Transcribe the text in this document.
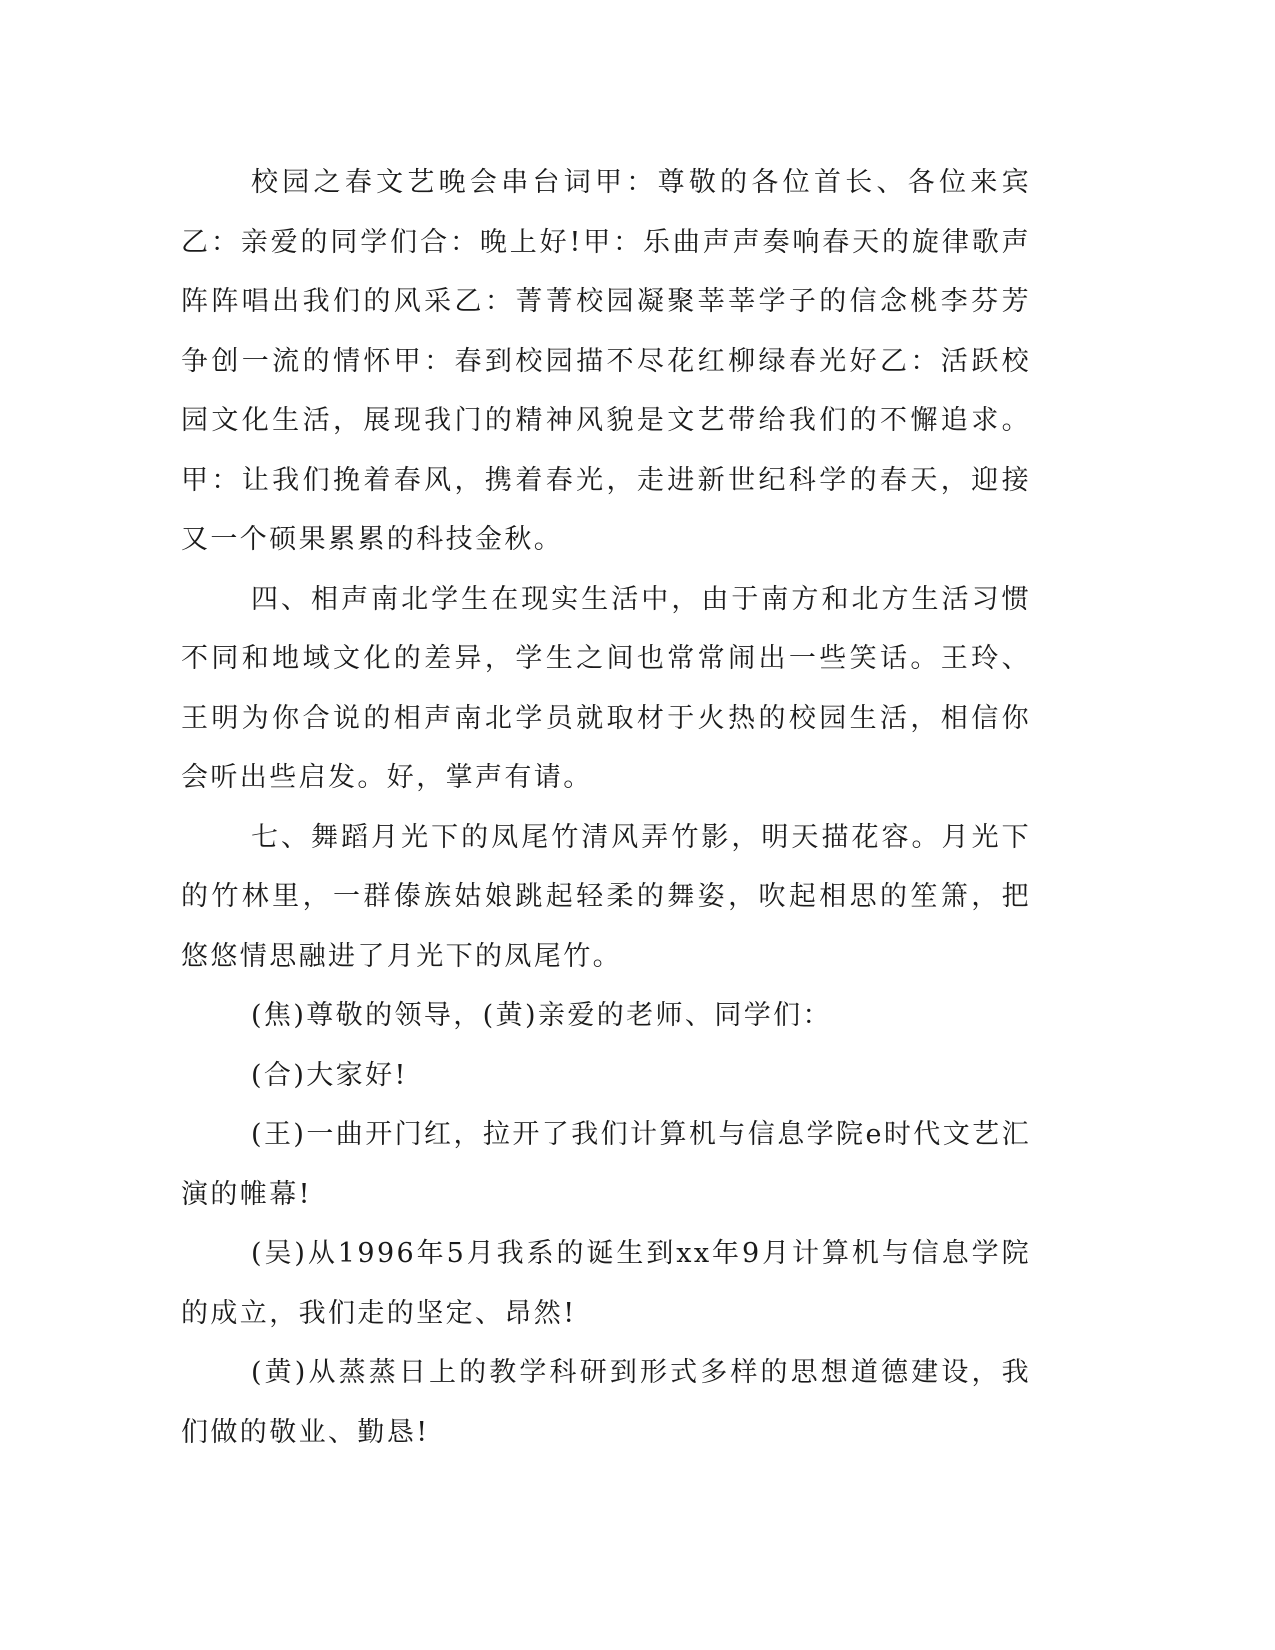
校园之春文艺晚会串台词甲：尊敬的各位首长、各位来宾乙：亲爱的同学们合：晚上好!甲：乐曲声声奏响春天的旋律歌声阵阵唱出我们的风采乙：菁菁校园凝聚莘莘学子的信念桃李芬芳争创一流的情怀甲：春到校园描不尽花红柳绿春光好乙：活跃校园文化生活，展现我门的精神风貌是文艺带给我们的不懈追求。甲：让我们挽着春风，携着春光，走进新世纪科学的春天，迎接又一个硕果累累的科技金秋。

四、相声南北学生在现实生活中，由于南方和北方生活习惯不同和地域文化的差异，学生之间也常常闹出一些笑话。王玲、王明为你合说的相声南北学员就取材于火热的校园生活，相信你会听出些启发。好，掌声有请。

七、舞蹈月光下的凤尾竹清风弄竹影，明天描花容。月光下的竹林里，一群傣族姑娘跳起轻柔的舞姿，吹起相思的笙箫，把悠悠情思融进了月光下的凤尾竹。

(焦)尊敬的领导，(黄)亲爱的老师、同学们：

(合)大家好!

(王)一曲开门红，拉开了我们计算机与信息学院e时代文艺汇演的帷幕!

(吴)从1996年5月我系的诞生到xx年9月计算机与信息学院的成立，我们走的坚定、昂然!

(黄)从蒸蒸日上的教学科研到形式多样的思想道德建设，我们做的敬业、勤恳!
